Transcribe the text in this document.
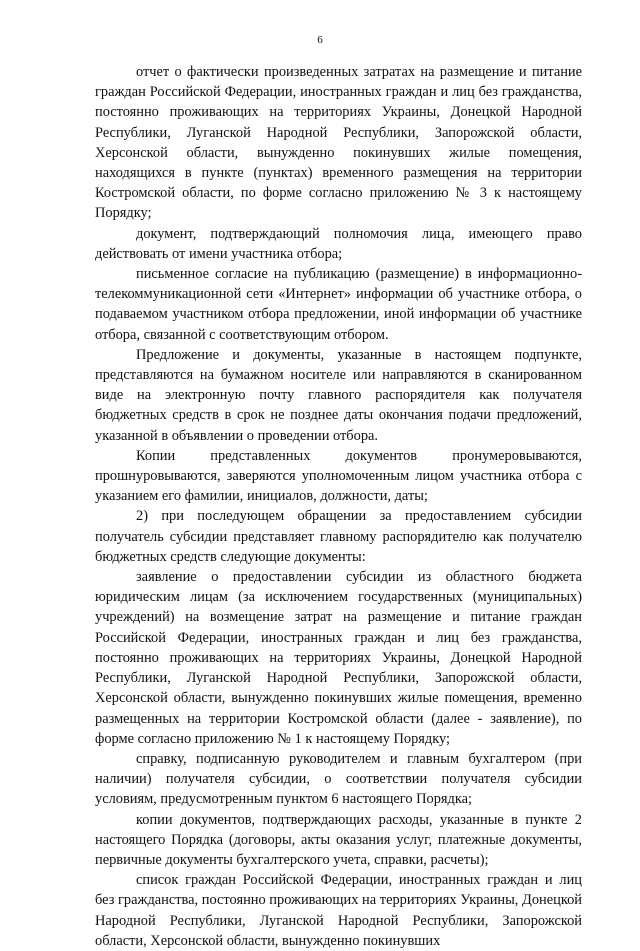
6

отчет о фактически произведенных затратах на размещение и питание граждан Российской Федерации, иностранных граждан и лиц без гражданства, постоянно проживающих на территориях Украины, Донецкой Народной Республики, Луганской Народной Республики, Запорожской области, Херсонской области, вынужденно покинувших жилые помещения, находящихся в пункте (пунктах) временного размещения на территории Костромской области, по форме согласно приложению № 3 к настоящему Порядку;

документ, подтверждающий полномочия лица, имеющего право действовать от имени участника отбора;

письменное согласие на публикацию (размещение) в информационно-телекоммуникационной сети «Интернет» информации об участнике отбора, о подаваемом участником отбора предложении, иной информации об участнике отбора, связанной с соответствующим отбором.

Предложение и документы, указанные в настоящем подпункте, представляются на бумажном носителе или направляются в сканированном виде на электронную почту главного распорядителя как получателя бюджетных средств в срок не позднее даты окончания подачи предложений, указанной в объявлении о проведении отбора.

Копии представленных документов пронумеровываются, прошнуровываются, заверяются уполномоченным лицом участника отбора с указанием его фамилии, инициалов, должности, даты;

2) при последующем обращении за предоставлением субсидии получатель субсидии представляет главному распорядителю как получателю бюджетных средств следующие документы:

заявление о предоставлении субсидии из областного бюджета юридическим лицам (за исключением государственных (муниципальных) учреждений) на возмещение затрат на размещение и питание граждан Российской Федерации, иностранных граждан и лиц без гражданства, постоянно проживающих на территориях Украины, Донецкой Народной Республики, Луганской Народной Республики, Запорожской области, Херсонской области, вынужденно покинувших жилые помещения, временно размещенных на территории Костромской области (далее - заявление), по форме согласно приложению № 1 к настоящему Порядку;

справку, подписанную руководителем и главным бухгалтером (при наличии) получателя субсидии, о соответствии получателя субсидии условиям, предусмотренным пунктом 6 настоящего Порядка;

копии документов, подтверждающих расходы, указанные в пункте 2 настоящего Порядка (договоры, акты оказания услуг, платежные документы, первичные документы бухгалтерского учета, справки, расчеты);

список граждан Российской Федерации, иностранных граждан и лиц без гражданства, постоянно проживающих на территориях Украины, Донецкой Народной Республики, Луганской Народной Республики, Запорожской области, Херсонской области, вынужденно покинувших
